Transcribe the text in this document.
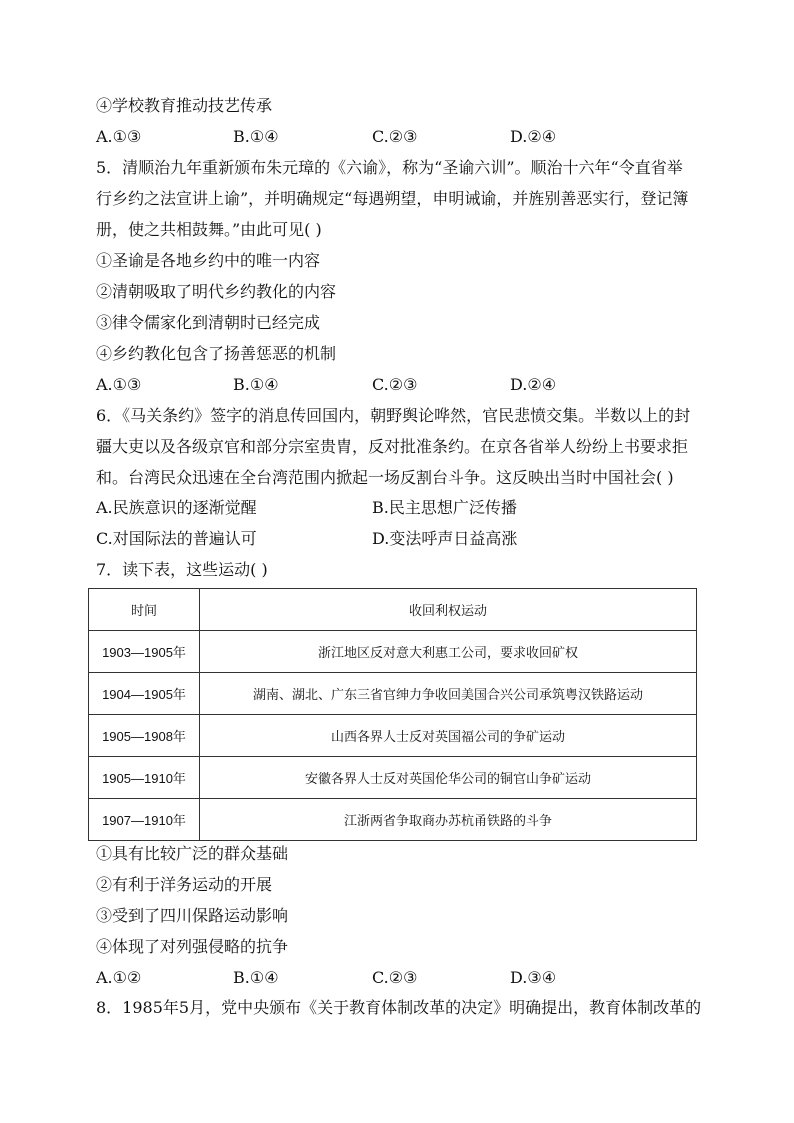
④学校教育推动技艺传承
A.①③	B.①④	C.②③	D.②④
5．清顺治九年重新颁布朱元璋的《六谕》，称为“圣谕六训”。顺治十六年“令直省举
行乡约之法宣讲上谕”，并明确规定“每遇朔望，申明诫谕，并旌别善恶实行，登记簿
册，使之共相鼓舞。”由此可见( )
①圣谕是各地乡约中的唯一内容
②清朝吸取了明代乡约教化的内容
③律令儒家化到清朝时已经完成
④乡约教化包含了扬善惩恶的机制
A.①③	B.①④	C.②③	D.②④
6．《马关条约》签字的消息传回国内，朝野舆论哗然，官民悲愤交集。半数以上的封
疆大吏以及各级京官和部分宗室贵胄，反对批准条约。在京各省举人纷纷上书要求拒
和。台湾民众迅速在全台湾范围内掀起一场反割台斗争。这反映出当时中国社会( )
A.民族意识的逐渐觉醒	B.民主思想广泛传播
C.对国际法的普遍认可	D.变法呼声日益高涨
7．读下表，这些运动( )
时间	收回利权运动
1903—1905年	浙江地区反对意大利惠工公司，要求收回矿权
1904—1905年	湖南、湖北、广东三省官绅力争收回美国合兴公司承筑粤汉铁路运动
1905—1908年	山西各界人士反对英国福公司的争矿运动
1905—1910年	安徽各界人士反对英国伦华公司的铜官山争矿运动
1907—1910年	江浙两省争取商办苏杭甬铁路的斗争
①具有比较广泛的群众基础
②有利于洋务运动的开展
③受到了四川保路运动影响
④体现了对列强侵略的抗争
A.①②	B.①④	C.②③	D.③④
8．1985年5月，党中央颁布《关于教育体制改革的决定》明确提出，教育体制改革的
